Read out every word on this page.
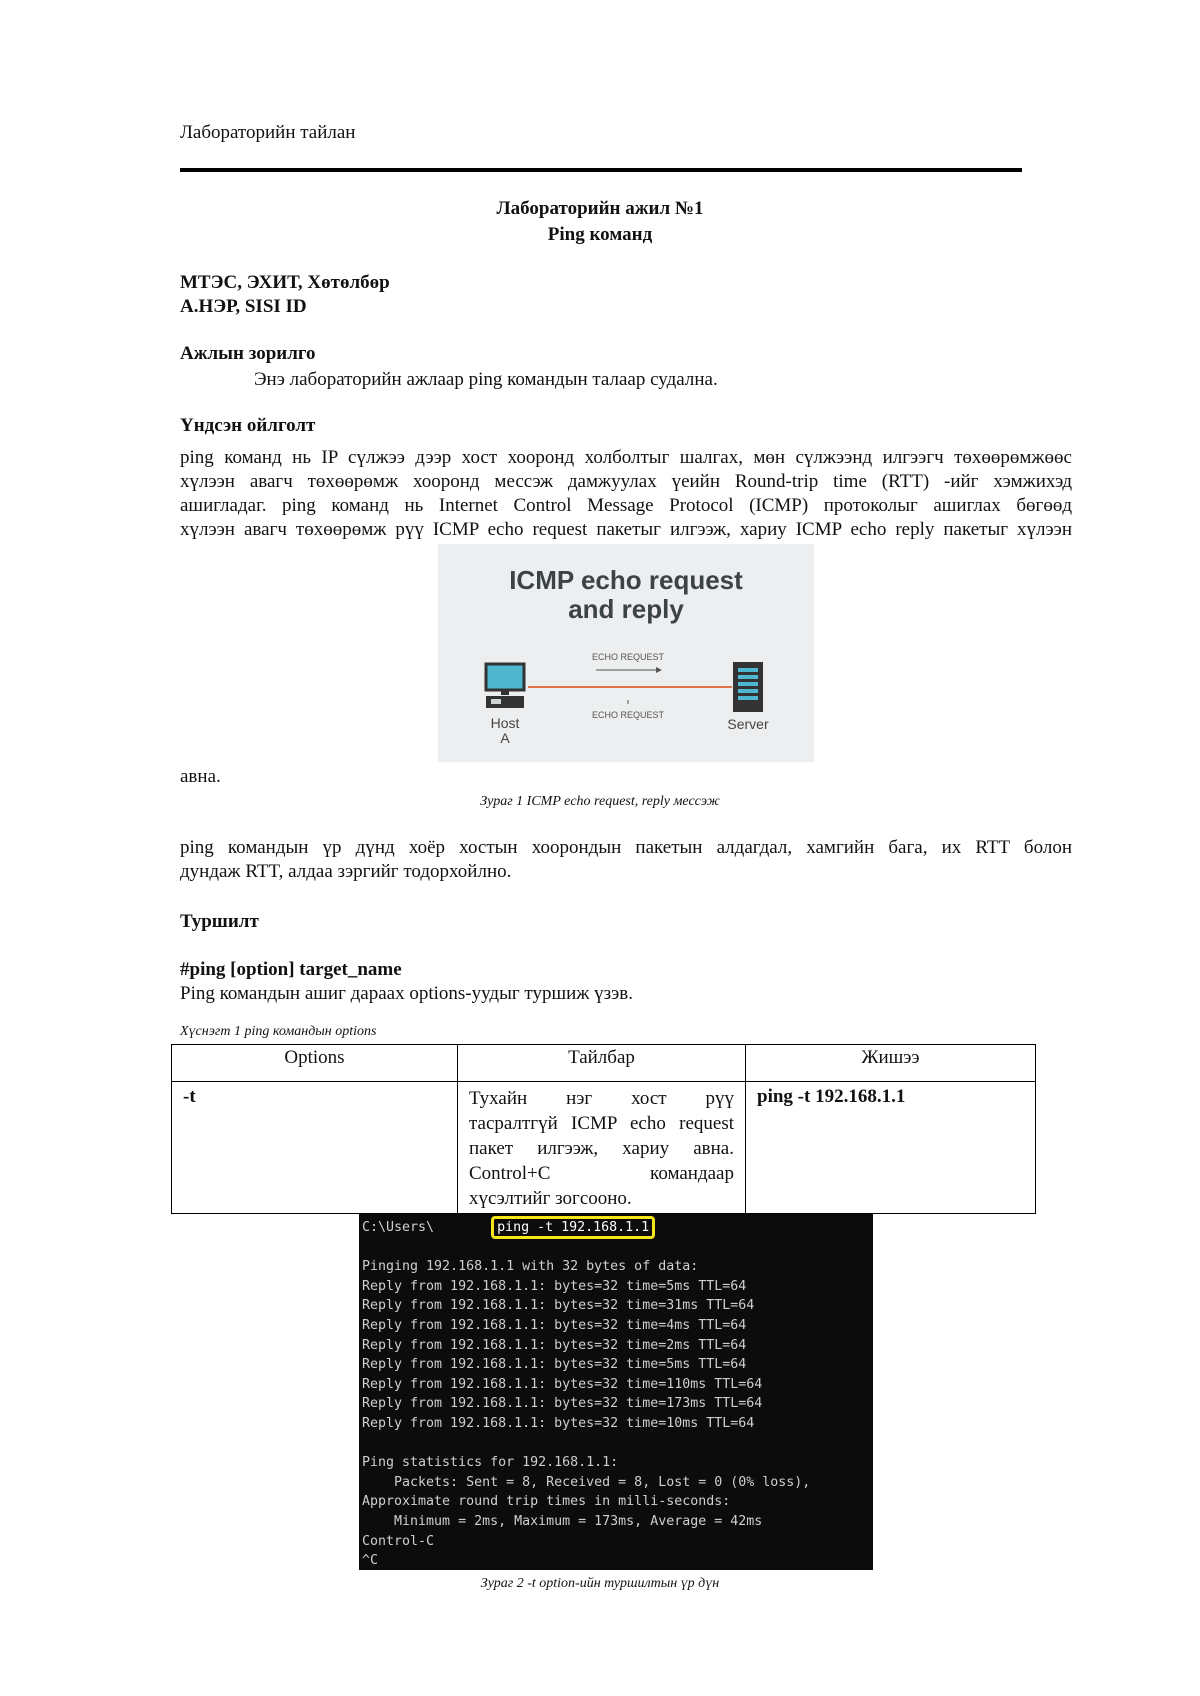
Лабораторийн тайлан
Лабораторийн ажил №1
Ping команд
МТЭС, ЭХИТ, Хөтөлбөр
А.НЭР, SISI ID
Ажлын зорилго
Энэ лабораторийн ажлаар ping командын талаар судална.
Үндсэн ойлголт
ping команд нь IP сүлжээ дээр хост хооронд холболтыг шалгах, мөн сүлжээнд илгээгч төхөөрөмжөөс
хүлээн авагч төхөөрөмж хооронд мессэж дамжуулах үеийн Round-trip time (RTT) -ийг хэмжихэд
ашигладаг. ping команд нь Internet Control Message Protocol (ICMP) протоколыг ашиглах бөгөөд
хүлээн авагч төхөөрөмж рүү ICMP echo request пакетыг илгээж, хариу ICMP echo reply пакетыг хүлээн
ICMP echo request
and reply
ECHO REQUEST
ECHO REQUEST
Host
A
Server
авна.
Зураг 1 ICMP echo request, reply мессэж
ping командын үр дүнд хоёр хостын хоорондын пакетын алдагдал, хамгийн бага, их RTT болон
дундаж RTT, алдаа зэргийг тодорхойлно.
Туршилт
#ping [option] target_name
Ping командын ашиг дараах options-уудыг туршиж үзэв.
Хүснэгт 1 ping командын options
Options	Тайлбар	Жишээ
-t	Тухайн нэг хост рүү
тасралтгүй ICMP echo request
пакет илгээж, хариу авна.
Control+C командаар
хүсэлтийг зогсооно.	ping -t 192.168.1.1
C:\Users\	ping -t 192.168.1.1
Pinging 192.168.1.1 with 32 bytes of data:
Reply from 192.168.1.1: bytes=32 time=5ms TTL=64
Reply from 192.168.1.1: bytes=32 time=31ms TTL=64
Reply from 192.168.1.1: bytes=32 time=4ms TTL=64
Reply from 192.168.1.1: bytes=32 time=2ms TTL=64
Reply from 192.168.1.1: bytes=32 time=5ms TTL=64
Reply from 192.168.1.1: bytes=32 time=110ms TTL=64
Reply from 192.168.1.1: bytes=32 time=173ms TTL=64
Reply from 192.168.1.1: bytes=32 time=10ms TTL=64
Ping statistics for 192.168.1.1:
Packets: Sent = 8, Received = 8, Lost = 0 (0% loss),
Approximate round trip times in milli-seconds:
Minimum = 2ms, Maximum = 173ms, Average = 42ms
Control-C
^C
Зураг 2 -t option-ийн туршилтын үр дүн
